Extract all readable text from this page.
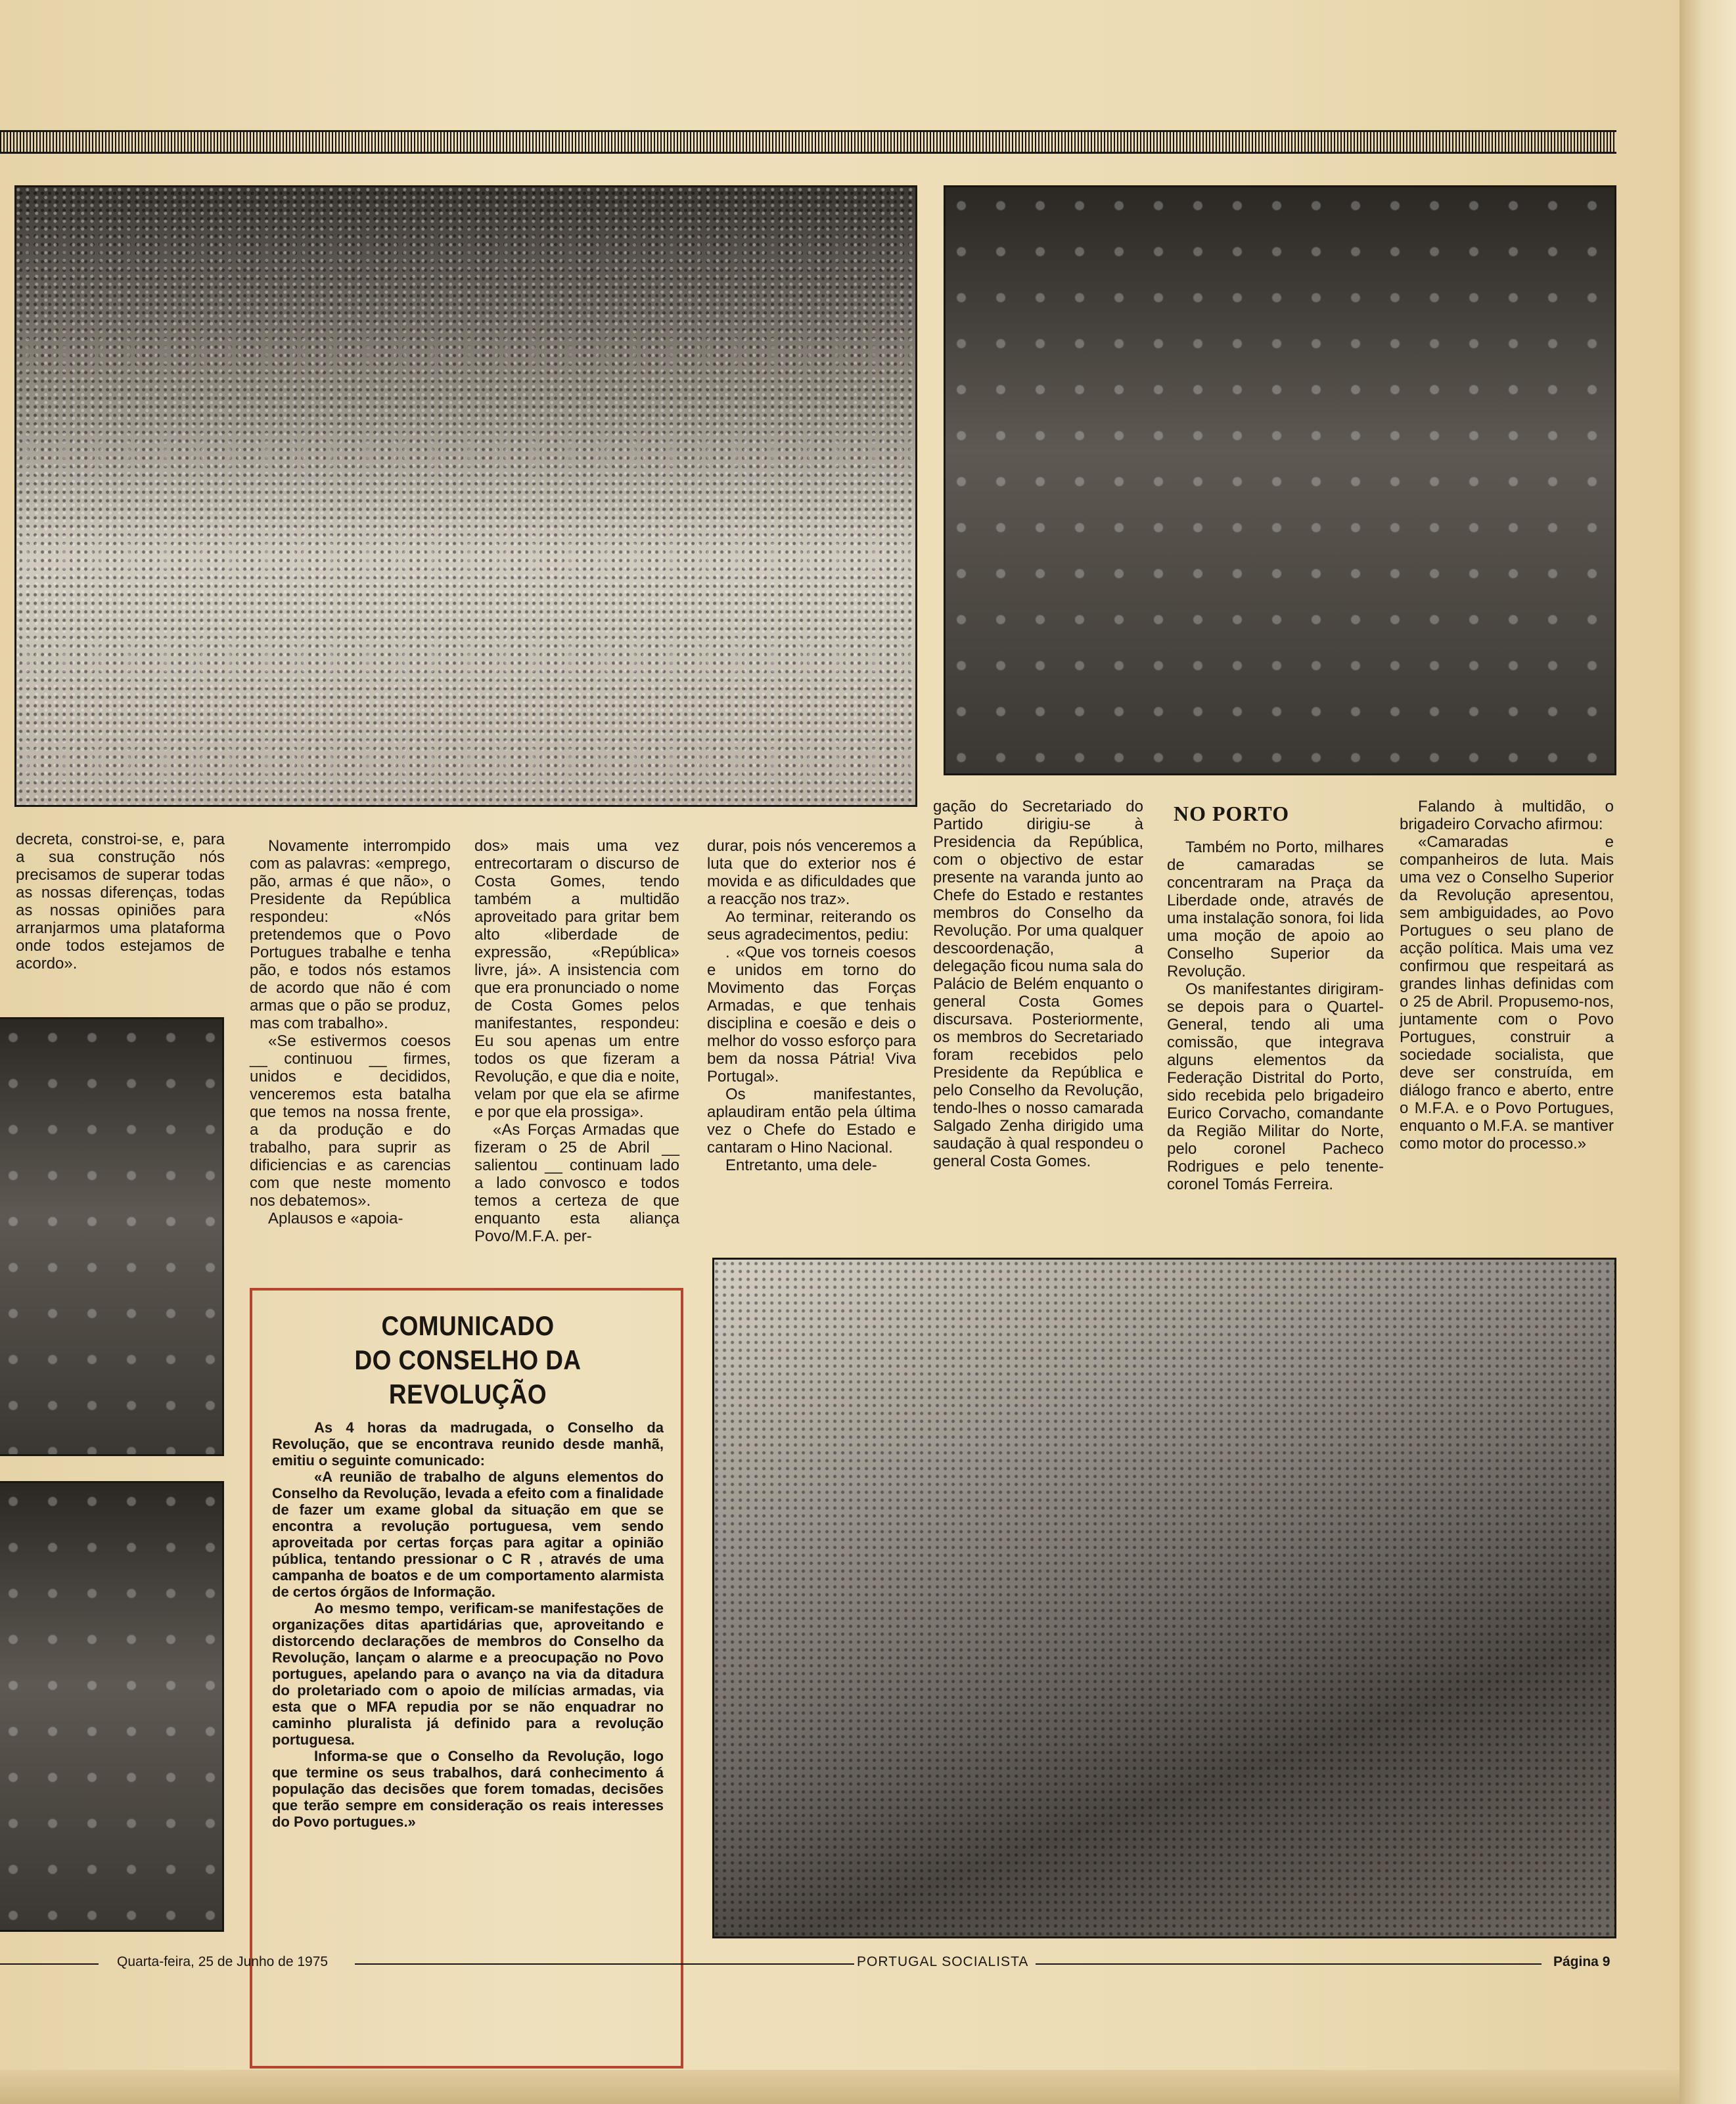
decreta, constroi-se, e, para a sua construção nós precisamos de superar todas as nossas diferenças, todas as nossas opiniões para arranjarmos uma plataforma onde todos estejamos de acordo».

Novamente interrompido com as palavras: «emprego, pão, armas é que não», o Presidente da República respondeu: «Nós pretendemos que o Povo Portugues trabalhe e tenha pão, e todos nós estamos de acordo que não é com armas que o pão se produz, mas com trabalho».

«Se estivermos coesos __ continuou __ firmes, unidos e decididos, venceremos esta batalha que temos na nossa frente, a da produção e do trabalho, para suprir as dificiencias e as carencias com que neste momento nos debatemos».

Aplausos e «apoia-

dos» mais uma vez entrecortaram o discurso de Costa Gomes, tendo também a multidão aproveitado para gritar bem alto «liberdade de expressão, «República» livre, já». A insistencia com que era pronunciado o nome de Costa Gomes pelos manifestantes, respondeu: Eu sou apenas um entre todos os que fizeram a Revolução, e que dia e noite, velam por que ela se afirme e por que ela prossiga».

«As Forças Armadas que fizeram o 25 de Abril __ salientou __ continuam lado a lado convosco e todos temos a certeza de que enquanto esta aliança Povo/M.F.A. per-

durar, pois nós venceremos a luta que do exterior nos é movida e as dificuldades que a reacção nos traz».

Ao terminar, reiterando os seus agradecimentos, pediu:

. «Que vos torneis coesos e unidos em torno do Movimento das Forças Armadas, e que tenhais disciplina e coesão e deis o melhor do vosso esforço para bem da nossa Pátria! Viva Portugal».

Os manifestantes, aplaudiram então pela última vez o Chefe do Estado e cantaram o Hino Nacional.

Entretanto, uma dele-

gação do Secretariado do Partido dirigiu-se à Presidencia da República, com o objectivo de estar presente na varanda junto ao Chefe do Estado e restantes membros do Conselho da Revolução. Por uma qualquer descoordenação, a delegação ficou numa sala do Palácio de Belém enquanto o general Costa Gomes discursava. Posteriormente, os membros do Secretariado foram recebidos pelo Presidente da República e pelo Conselho da Revolução, tendo-lhes o nosso camarada Salgado Zenha dirigido uma saudação à qual respondeu o general Costa Gomes.

NO PORTO

Também no Porto, milhares de camaradas se concentraram na Praça da Liberdade onde, através de uma instalação sonora, foi lida uma moção de apoio ao Conselho Superior da Revolução.

Os manifestantes dirigiram-se depois para o Quartel-General, tendo ali uma comissão, que integrava alguns elementos da Federação Distrital do Porto, sido recebida pelo brigadeiro Eurico Corvacho, comandante da Região Militar do Norte, pelo coronel Pacheco Rodrigues e pelo tenente-coronel Tomás Ferreira.

Falando à multidão, o brigadeiro Corvacho afirmou:

«Camaradas e companheiros de luta. Mais uma vez o Conselho Superior da Revolução apresentou, sem ambiguidades, ao Povo Portugues o seu plano de acção política. Mais uma vez confirmou que respeitará as grandes linhas definidas com o 25 de Abril. Propusemo-nos, juntamente com o Povo Portugues, construir a sociedade socialista, que deve ser construída, em diálogo franco e aberto, entre o M.F.A. e o Povo Portugues, enquanto o M.F.A. se mantiver como motor do processo.»

COMUNICADO
DO CONSELHO DA REVOLUÇÃO

As 4 horas da madrugada, o Conselho da Revolução, que se encontrava reunido desde manhã, emitiu o seguinte comunicado:

«A reunião de trabalho de alguns elementos do Conselho da Revolução, levada a efeito com a finalidade de fazer um exame global da situação em que se encontra a revolução portuguesa, vem sendo aproveitada por certas forças para agitar a opinião pública, tentando pressionar o C R , através de uma campanha de boatos e de um comportamento alarmista de certos órgãos de Informação.

Ao mesmo tempo, verificam-se manifestações de organizações ditas apartidárias que, aproveitando e distorcendo declarações de membros do Conselho da Revolução, lançam o alarme e a preocupação no Povo portugues, apelando para o avanço na via da ditadura do proletariado com o apoio de milícias armadas, via esta que o MFA repudia por se não enquadrar no caminho pluralista já definido para a revolução portuguesa.

Informa-se que o Conselho da Revolução, logo que termine os seus trabalhos, dará conhecimento á população das decisões que forem tomadas, decisões que terão sempre em consideração os reais interesses do Povo portugues.»

Quarta-feira, 25 de Junho de 1975	PORTUGAL SOCIALISTA	Página 9
